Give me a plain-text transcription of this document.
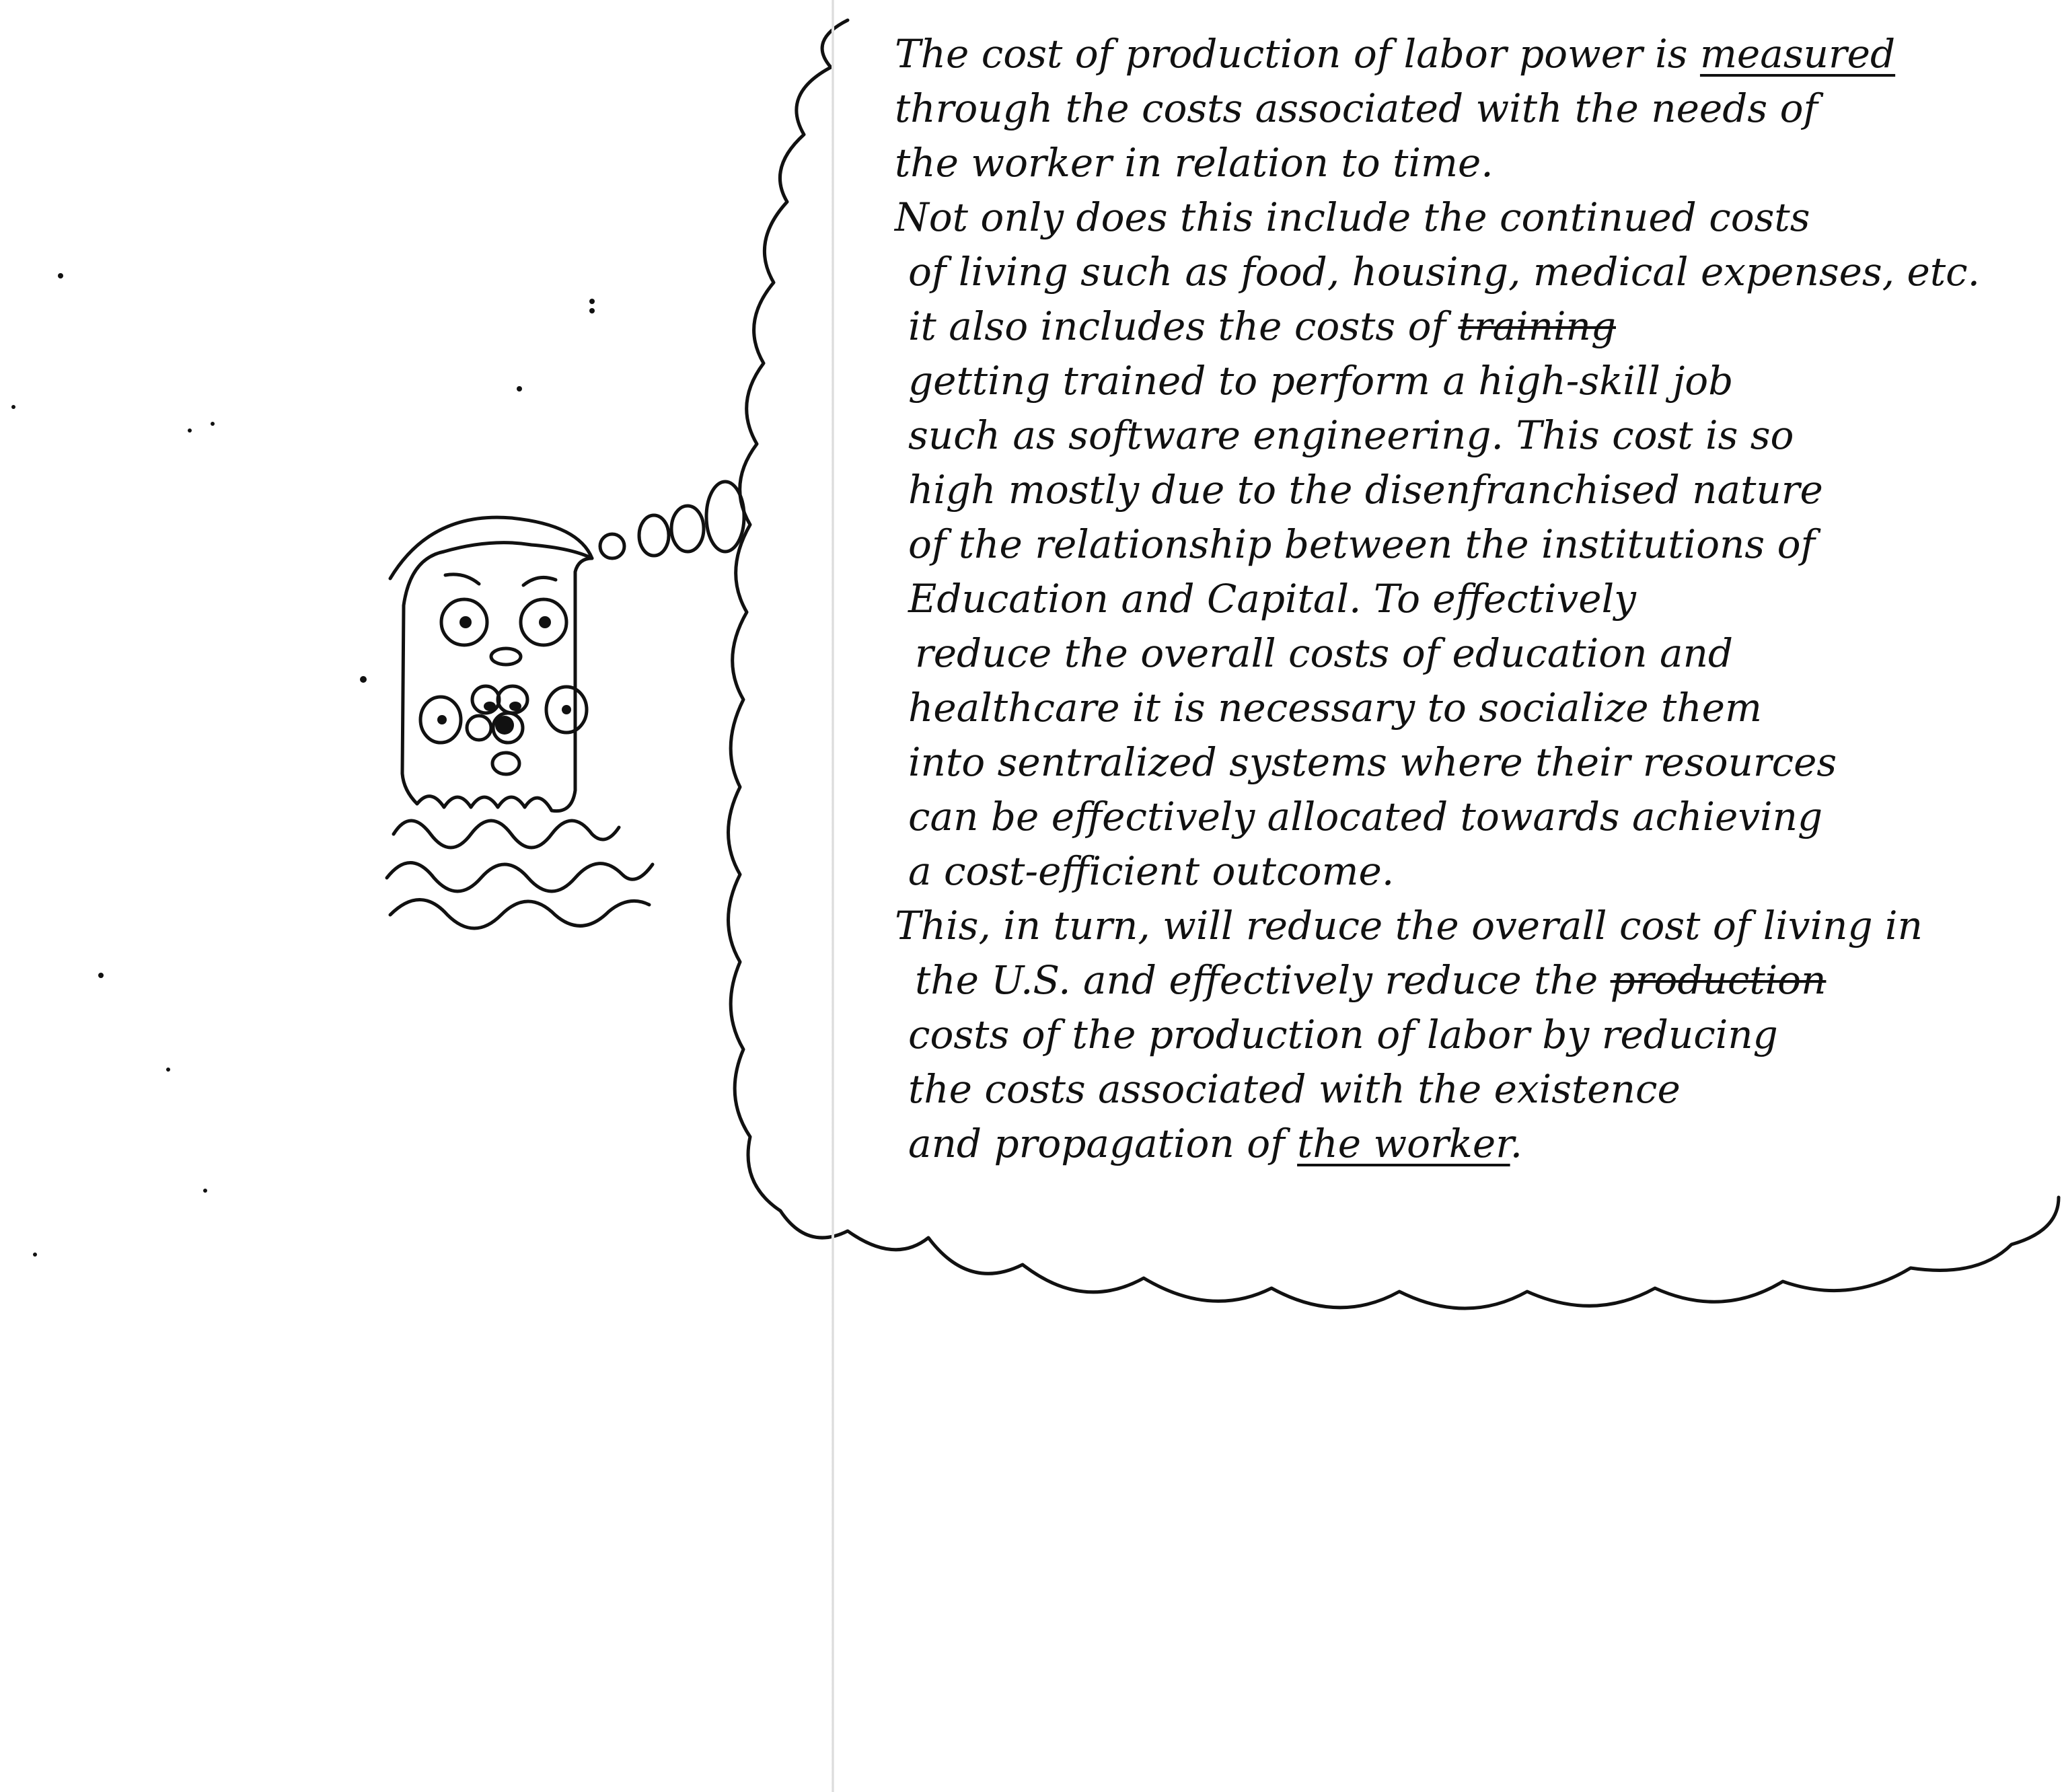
The cost of production of labor power is measured
through the costs associated with the needs of
the worker in relation to time.
Not only does this include the continued costs
of living such as food, housing, medical expenses, etc.
it also includes the costs of training
getting trained to perform a high-skill job
such as software engineering. This cost is so
high mostly due to the disenfranchised nature
of the relationship between the institutions of
Education and Capital. To effectively
reduce the overall costs of education and
healthcare it is necessary to socialize them
into sentralized systems where their resources
can be effectively allocated towards achieving
a cost-efficient outcome.
This, in turn, will reduce the overall cost of living in
the U.S. and effectively reduce the production
costs of the production of labor by reducing
the costs associated with the existence
and propagation of the worker.
